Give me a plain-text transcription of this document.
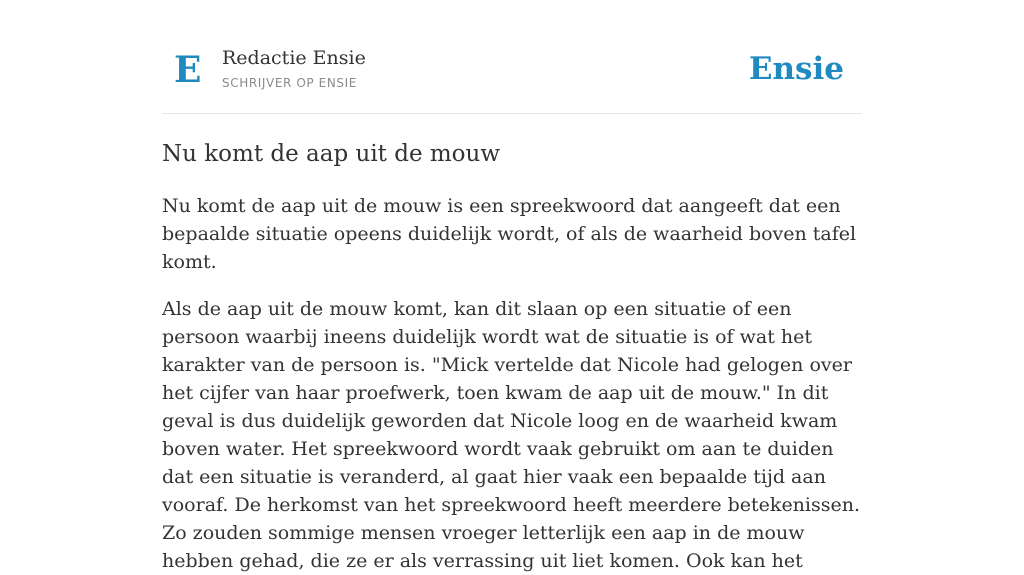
E Redactie Ensie
SCHRIJVER OP ENSIE	Ensie
Nu komt de aap uit de mouw

Nu komt de aap uit de mouw is een spreekwoord dat aangeeft dat een bepaalde situatie opeens duidelijk wordt, of als de waarheid boven tafel komt.

Als de aap uit de mouw komt, kan dit slaan op een situatie of een persoon waarbij ineens duidelijk wordt wat de situatie is of wat het karakter van de persoon is. "Mick vertelde dat Nicole had gelogen over het cijfer van haar proefwerk, toen kwam de aap uit de mouw." In dit geval is dus duidelijk geworden dat Nicole loog en de waarheid kwam boven water. Het spreekwoord wordt vaak gebruikt om aan te duiden dat een situatie is veranderd, al gaat hier vaak een bepaalde tijd aan vooraf. De herkomst van het spreekwoord heeft meerdere betekenissen. Zo zouden sommige mensen vroeger letterlijk een aap in de mouw hebben gehad, die ze er als verrassing uit liet komen. Ook kan het
